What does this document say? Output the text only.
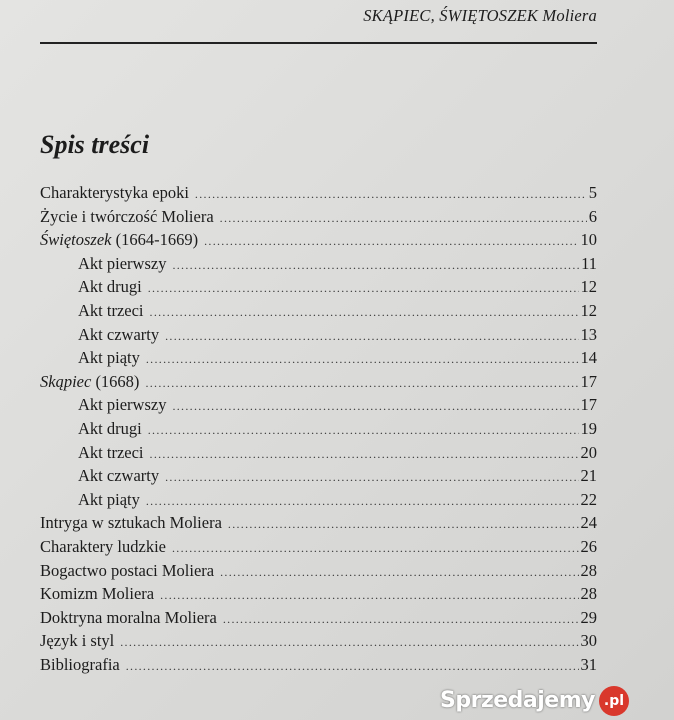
SKĄPIEC, ŚWIĘTOSZEK Moliera
Spis treści
Charakterystyka epoki .....	5
Życie i twórczość Moliera .....	6
Świętoszek (1664-1669) .....	10
Akt pierwszy .....	11
Akt drugi .....	12
Akt trzeci .....	12
Akt czwarty .....	13
Akt piąty .....	14
Skąpiec (1668) .....	17
Akt pierwszy .....	17
Akt drugi .....	19
Akt trzeci .....	20
Akt czwarty .....	21
Akt piąty .....	22
Intryga w sztukach Moliera .....	24
Charaktery ludzkie .....	26
Bogactwo postaci Moliera .....	28
Komizm Moliera .....	28
Doktryna moralna Moliera .....	29
Język i styl .....	30
Bibliografia .....	31
Sprzedajemy .pl
